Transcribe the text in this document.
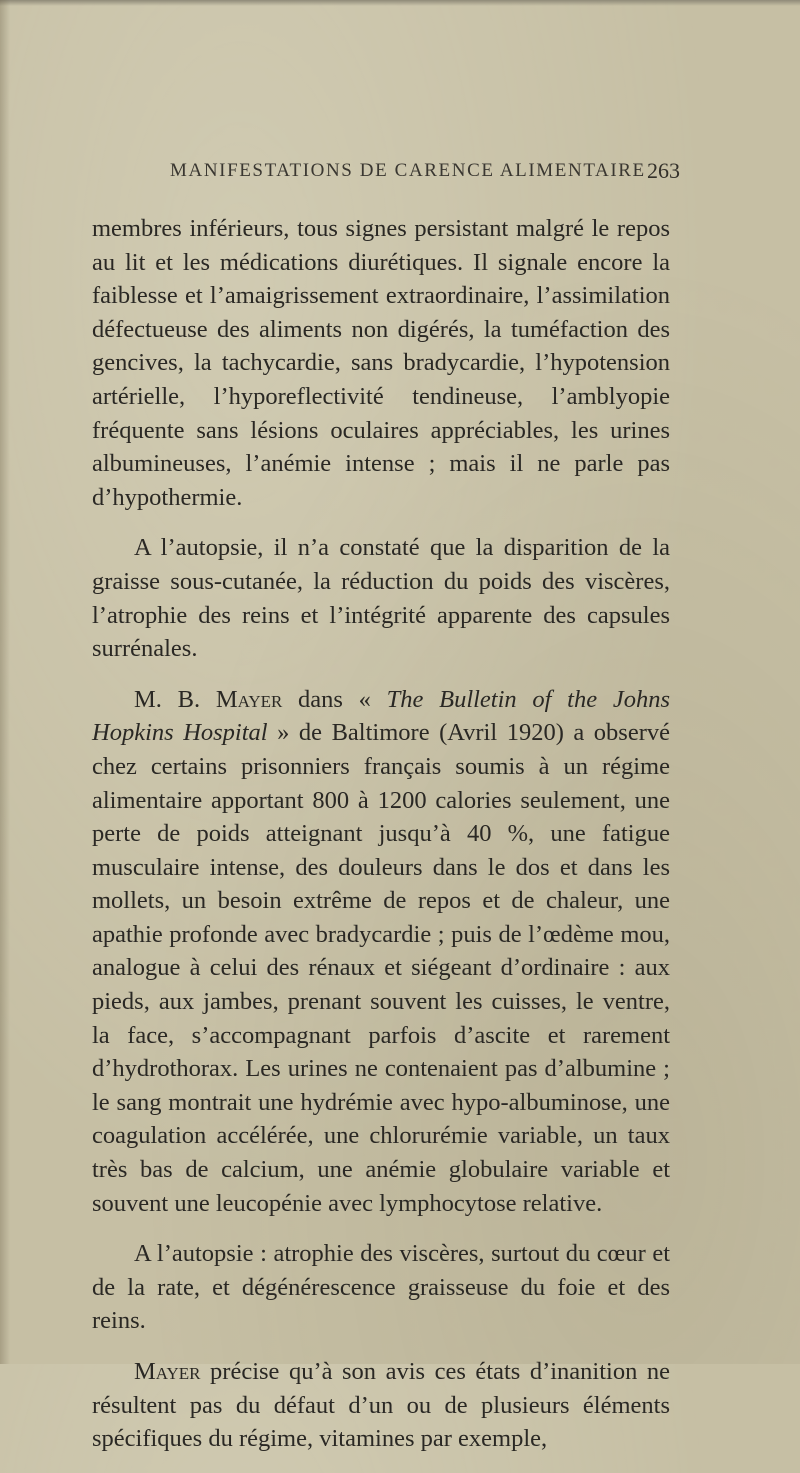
MANIFESTATIONS DE CARENCE ALIMENTAIRE 263

membres inférieurs, tous signes persistant malgré le repos au lit et les médications diurétiques. Il signale encore la faiblesse et l’amaigrissement extraordinaire, l’assimilation défectueuse des aliments non digérés, la tuméfaction des gencives, la tachycardie, sans bradycardie, l’hypotension artérielle, l’hyporeflectivité tendineuse, l’amblyopie fréquente sans lésions oculaires appréciables, les urines albumineuses, l’anémie intense ; mais il ne parle pas d’hypothermie.

A l’autopsie, il n’a constaté que la disparition de la graisse sous-cutanée, la réduction du poids des viscères, l’atrophie des reins et l’intégrité apparente des capsules surrénales.

M. B. Mayer dans « The Bulletin of the Johns Hopkins Hospital » de Baltimore (Avril 1920) a observé chez certains prisonniers français soumis à un régime alimentaire apportant 800 à 1200 calories seulement, une perte de poids atteignant jusqu’à 40 %, une fatigue musculaire intense, des douleurs dans le dos et dans les mollets, un besoin extrême de repos et de chaleur, une apathie profonde avec bradycardie ; puis de l’œdème mou, analogue à celui des rénaux et siégeant d’ordinaire : aux pieds, aux jambes, prenant souvent les cuisses, le ventre, la face, s’accompagnant parfois d’ascite et rarement d’hydrothorax. Les urines ne contenaient pas d’albumine ; le sang montrait une hydrémie avec hypo-albuminose, une coagulation accélérée, une chlorurémie variable, un taux très bas de calcium, une anémie globulaire variable et souvent une leucopénie avec lymphocytose relative.

A l’autopsie : atrophie des viscères, surtout du cœur et de la rate, et dégénérescence graisseuse du foie et des reins.

Mayer précise qu’à son avis ces états d’inanition ne résultent pas du défaut d’un ou de plusieurs éléments spécifiques du régime, vitamines par exemple,
